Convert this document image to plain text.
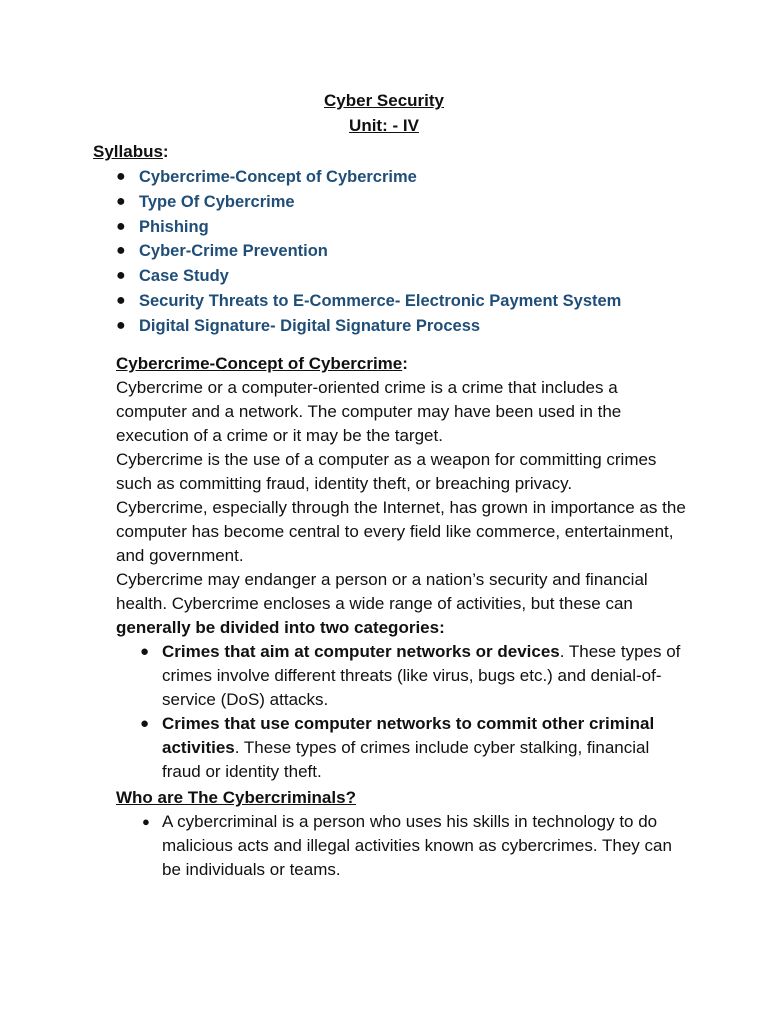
Cyber Security
Unit: - IV
Syllabus:
● Cybercrime-Concept of Cybercrime
● Type Of Cybercrime
● Phishing
● Cyber-Crime Prevention
● Case Study
● Security Threats to E-Commerce- Electronic Payment System
● Digital Signature- Digital Signature Process
Cybercrime-Concept of Cybercrime:

Cybercrime or a computer-oriented crime is a crime that includes a computer and a network. The computer may have been used in the execution of a crime or it may be the target.

Cybercrime is the use of a computer as a weapon for committing crimes such as committing fraud, identity theft, or breaching privacy.

Cybercrime, especially through the Internet, has grown in importance as the computer has become central to every field like commerce, entertainment, and government.

Cybercrime may endanger a person or a nation’s security and financial health. Cybercrime encloses a wide range of activities, but these can generally be divided into two categories:

● Crimes that aim at computer networks or devices. These types of crimes involve different threats (like virus, bugs etc.) and denial-of-service (DoS) attacks.
● Crimes that use computer networks to commit other criminal activities. These types of crimes include cyber stalking, financial fraud or identity theft.
Who are The Cybercriminals?
● A cybercriminal is a person who uses his skills in technology to do malicious acts and illegal activities known as cybercrimes. They can be individuals or teams.
